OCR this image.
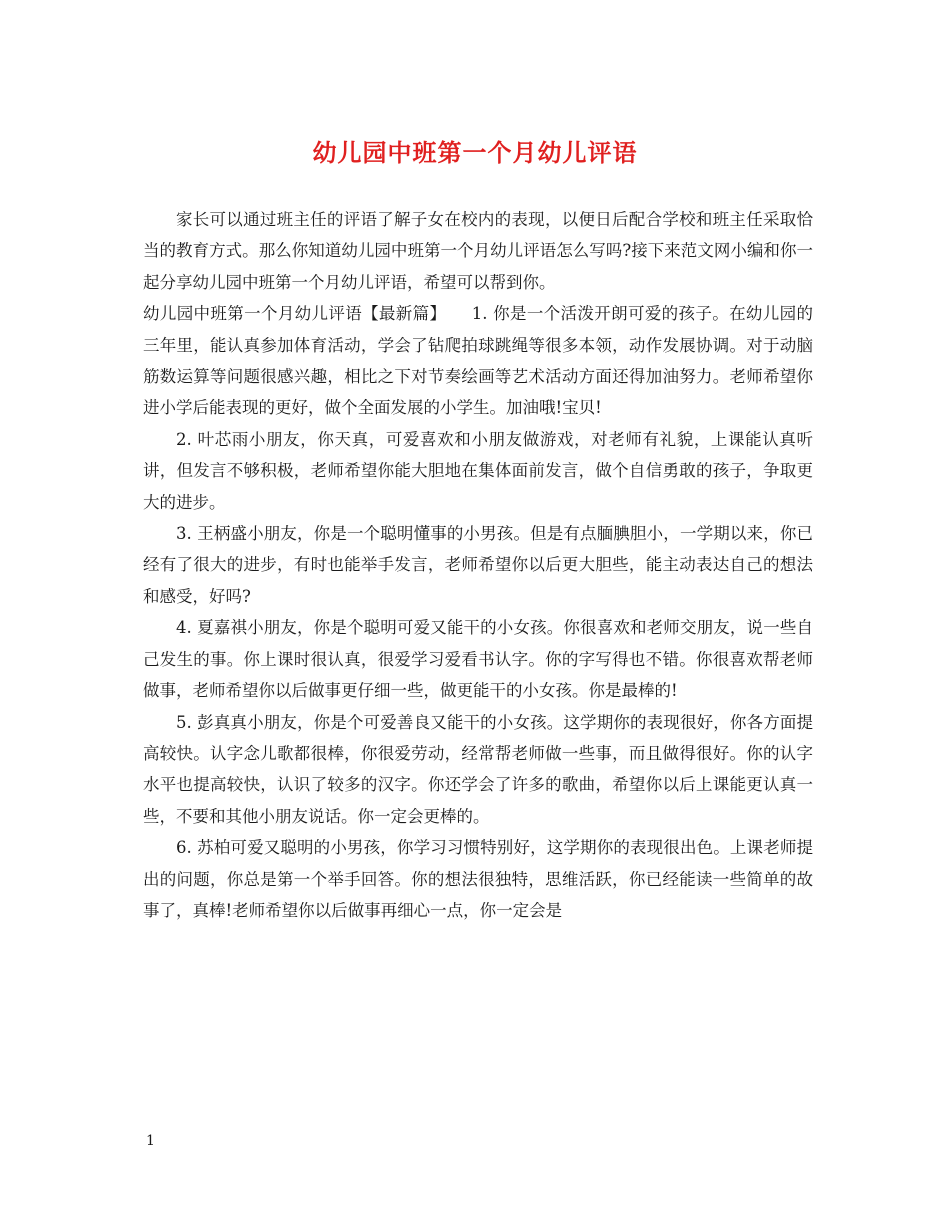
幼儿园中班第一个月幼儿评语

家长可以通过班主任的评语了解子女在校内的表现，以便日后配合学校和班主任采取恰当的教育方式。那么你知道幼儿园中班第一个月幼儿评语怎么写吗?接下来范文网小编和你一起分享幼儿园中班第一个月幼儿评语，希望可以帮到你。

幼儿园中班第一个月幼儿评语【最新篇】　　1. 你是一个活泼开朗可爱的孩子。在幼儿园的三年里，能认真参加体育活动，学会了钻爬拍球跳绳等很多本领，动作发展协调。对于动脑筋数运算等问题很感兴趣，相比之下对节奏绘画等艺术活动方面还得加油努力。老师希望你进小学后能表现的更好，做个全面发展的小学生。加油哦!宝贝!

2. 叶芯雨小朋友，你天真，可爱喜欢和小朋友做游戏，对老师有礼貌，上课能认真听讲，但发言不够积极，老师希望你能大胆地在集体面前发言，做个自信勇敢的孩子，争取更大的进步。

3. 王柄盛小朋友，你是一个聪明懂事的小男孩。但是有点腼腆胆小，一学期以来，你已经有了很大的进步，有时也能举手发言，老师希望你以后更大胆些，能主动表达自己的想法和感受，好吗?

4. 夏嘉祺小朋友，你是个聪明可爱又能干的小女孩。你很喜欢和老师交朋友，说一些自己发生的事。你上课时很认真，很爱学习爱看书认字。你的字写得也不错。你很喜欢帮老师做事，老师希望你以后做事更仔细一些，做更能干的小女孩。你是最棒的!

5. 彭真真小朋友，你是个可爱善良又能干的小女孩。这学期你的表现很好，你各方面提高较快。认字念儿歌都很棒，你很爱劳动，经常帮老师做一些事，而且做得很好。你的认字水平也提高较快，认识了较多的汉字。你还学会了许多的歌曲，希望你以后上课能更认真一些，不要和其他小朋友说话。你一定会更棒的。

6. 苏柏可爱又聪明的小男孩，你学习习惯特别好，这学期你的表现很出色。上课老师提出的问题，你总是第一个举手回答。你的想法很独特，思维活跃，你已经能读一些简单的故事了，真棒!老师希望你以后做事再细心一点，你一定会是

1
